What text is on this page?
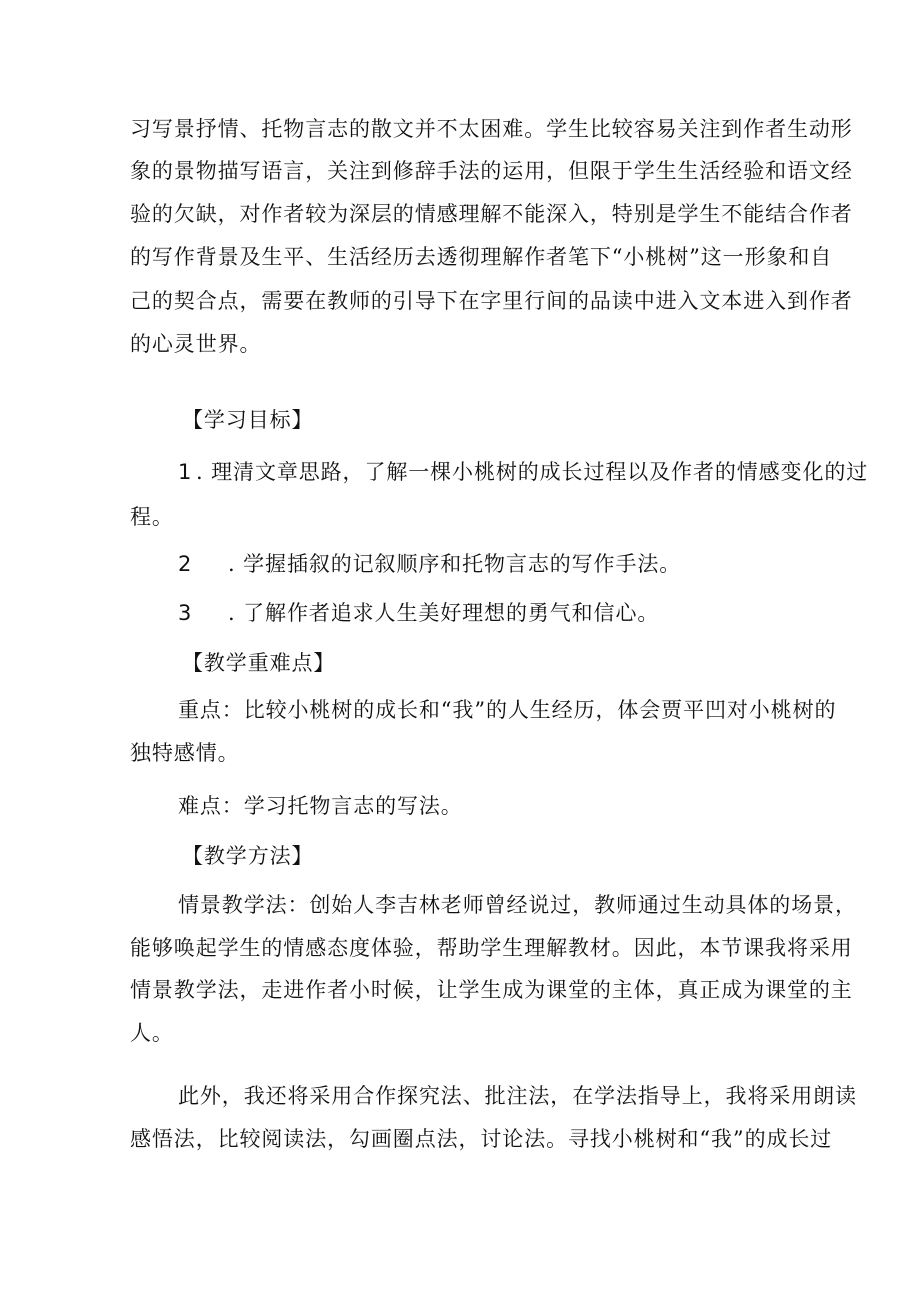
习写景抒情、托物言志的散文并不太困难。学生比较容易关注到作者生动形
象的景物描写语言，关注到修辞手法的运用，但限于学生生活经验和语文经
验的欠缺，对作者较为深层的情感理解不能深入，特别是学生不能结合作者
的写作背景及生平、生活经历去透彻理解作者笔下“小桃树”这一形象和自
己的契合点，需要在教师的引导下在字里行间的品读中进入文本进入到作者
的心灵世界。
【学习目标】
1 . 理清文章思路，了解一棵小桃树的成长过程以及作者的情感变化的过
程。
2 . 学握插叙的记叙顺序和托物言志的写作手法。
3 . 了解作者追求人生美好理想的勇气和信心。
【教学重难点】
重点：比较小桃树的成长和“我”的人生经历，体会贾平凹对小桃树的
独特感情。
难点：学习托物言志的写法。
【教学方法】
情景教学法：创始人李吉林老师曾经说过，教师通过生动具体的场景，
能够唤起学生的情感态度体验，帮助学生理解教材。因此，本节课我将采用
情景教学法，走进作者小时候，让学生成为课堂的主体，真正成为课堂的主
人。
此外，我还将采用合作探究法、批注法，在学法指导上，我将采用朗读
感悟法，比较阅读法，勾画圈点法，讨论法。寻找小桃树和“我”的成长过
